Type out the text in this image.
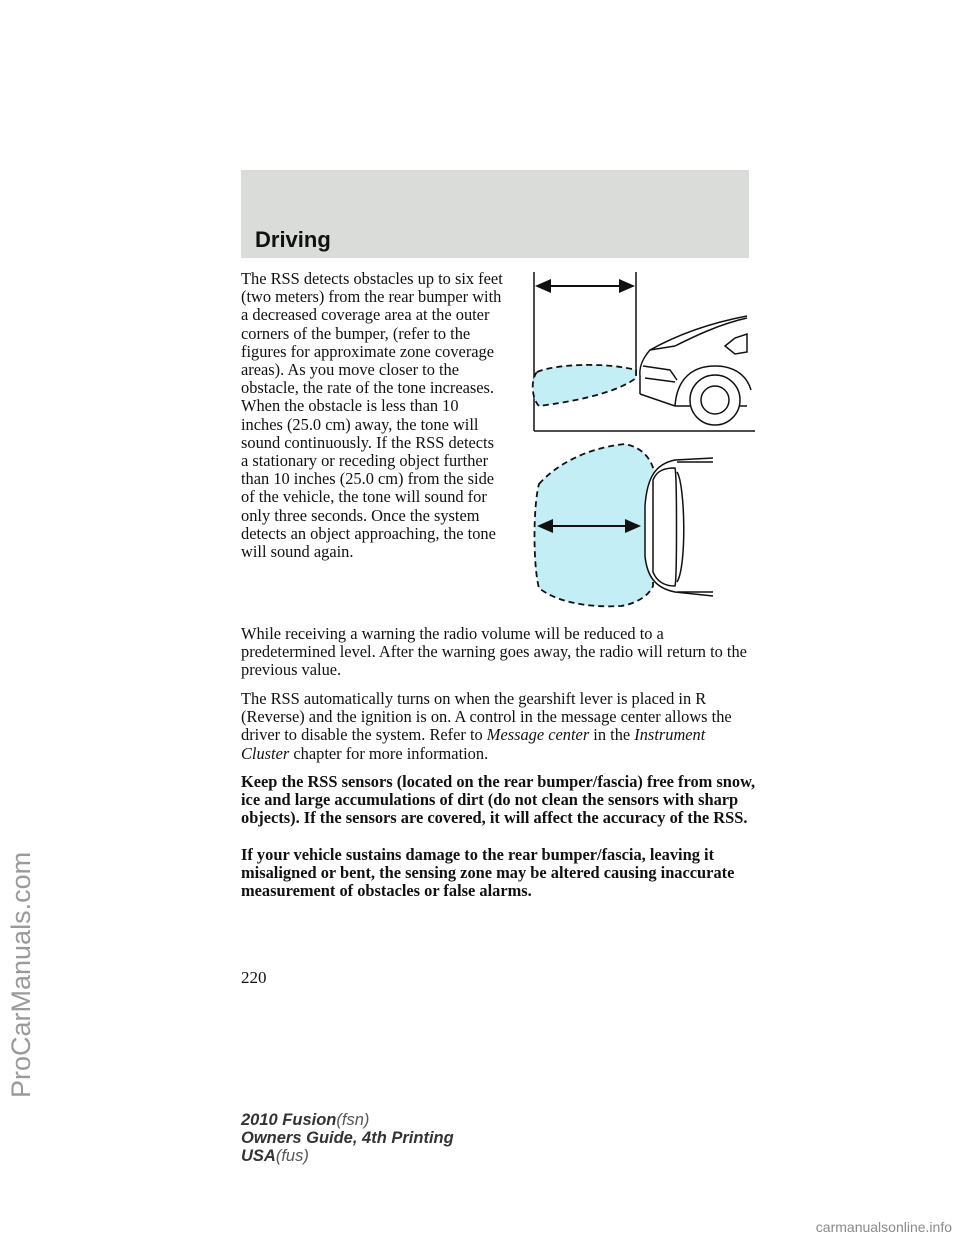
ProCarManuals.com
Driving

The RSS detects obstacles up to six feet (two meters) from the rear bumper with a decreased coverage area at the outer corners of the bumper, (refer to the figures for approximate zone coverage areas). As you move closer to the obstacle, the rate of the tone increases. When the obstacle is less than 10 inches (25.0 cm) away, the tone will sound continuously. If the RSS detects a stationary or receding object further than 10 inches (25.0 cm) from the side of the vehicle, the tone will sound for only three seconds. Once the system detects an object approaching, the tone will sound again.

While receiving a warning the radio volume will be reduced to a predetermined level. After the warning goes away, the radio will return to the previous value.

The RSS automatically turns on when the gearshift lever is placed in R (Reverse) and the ignition is on. A control in the message center allows the driver to disable the system. Refer to Message center in the Instrument Cluster chapter for more information.

Keep the RSS sensors (located on the rear bumper/fascia) free from snow, ice and large accumulations of dirt (do not clean the sensors with sharp objects). If the sensors are covered, it will affect the accuracy of the RSS.

If your vehicle sustains damage to the rear bumper/fascia, leaving it misaligned or bent, the sensing zone may be altered causing inaccurate measurement of obstacles or false alarms.

220
2010 Fusion(fsn)
Owners Guide, 4th Printing
USA(fus)
carmanualsonline.info
